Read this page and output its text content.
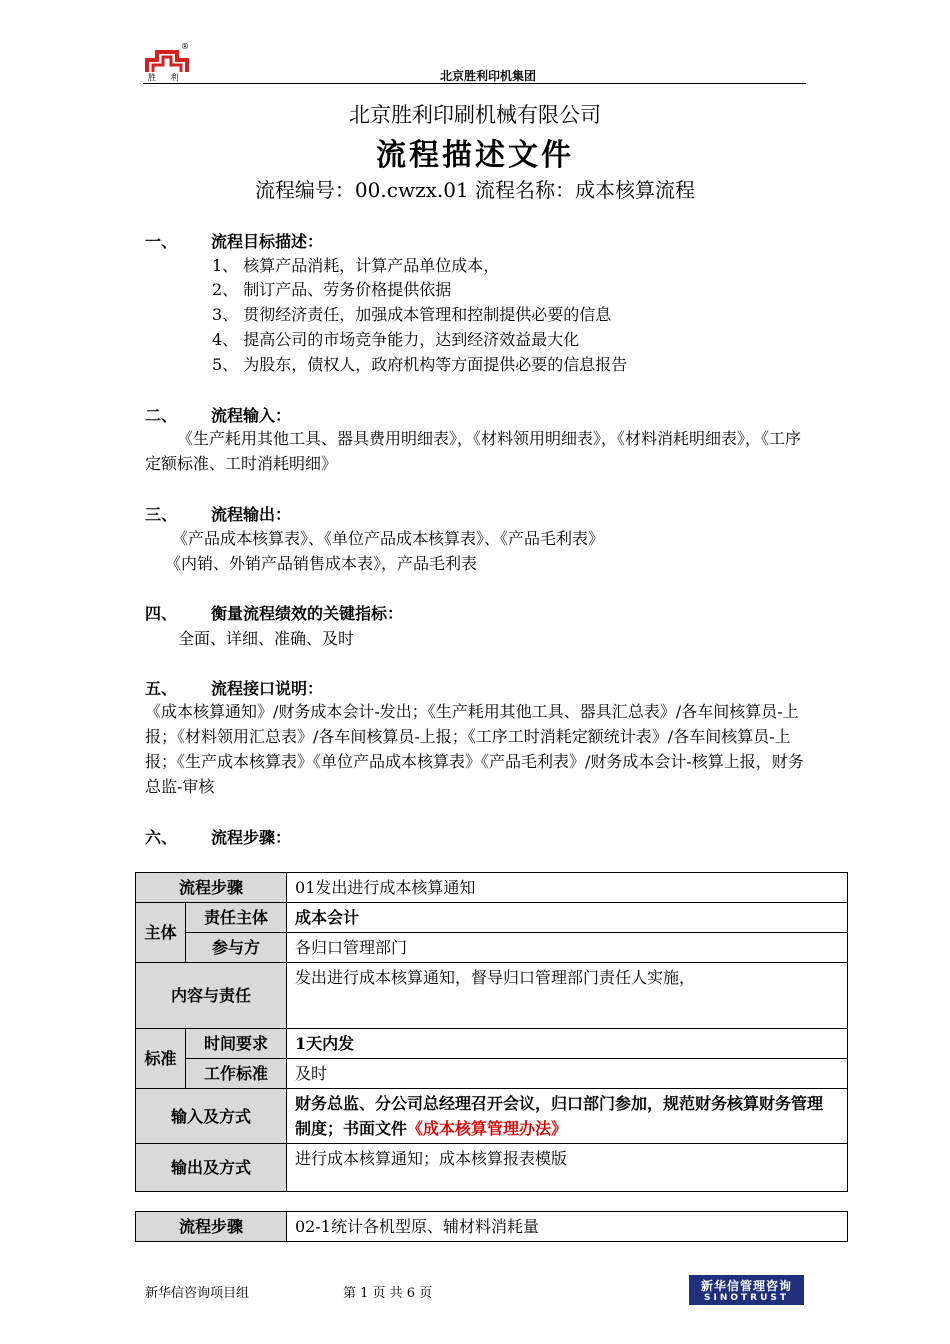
胜 利
®
北京胜利印机集团
北京胜利印刷机械有限公司
流程描述文件
流程编号：00.cwzx.01 流程名称：成本核算流程
一、 流程目标描述：
1、 核算产品消耗，计算产品单位成本，
2、 制订产品、劳务价格提供依据
3、 贯彻经济责任，加强成本管理和控制提供必要的信息
4、 提高公司的市场竞争能力，达到经济效益最大化
5、 为股东，债权人，政府机构等方面提供必要的信息报告
二、 流程输入：
《生产耗用其他工具、器具费用明细表》，《材料领用明细表》，《材料消耗明细表》，《工序定额标准、工时消耗明细》
三、 流程输出：
《产品成本核算表》、《单位产品成本核算表》、《产品毛利表》
《内销、外销产品销售成本表》，产品毛利表
四、 衡量流程绩效的关键指标：
全面、详细、准确、及时
五、 流程接口说明：
《成本核算通知》/财务成本会计-发出；《生产耗用其他工具、器具汇总表》/各车间核算员-上报；《材料领用汇总表》/各车间核算员-上报；《工序工时消耗定额统计表》/各车间核算员-上报；《生产成本核算表》《单位产品成本核算表》《产品毛利表》/财务成本会计-核算上报，财务总监-审核
六、 流程步骤：
流程步骤		01发出进行成本核算通知
主体	责任主体	成本会计
	参与方	各归口管理部门
内容与责任		发出进行成本核算通知，督导归口管理部门责任人实施，
标准	时间要求	1天内发
	工作标准	及时
输入及方式		财务总监、分公司总经理召开会议，归口部门参加，规范财务核算财务管理制度；书面文件《成本核算管理办法》
输出及方式		进行成本核算通知；成本核算报表模版
流程步骤	02-1统计各机型原、辅材料消耗量
新华信咨询项目组	第 1 页 共 6 页	新华信管理咨询
SINOTRUST
